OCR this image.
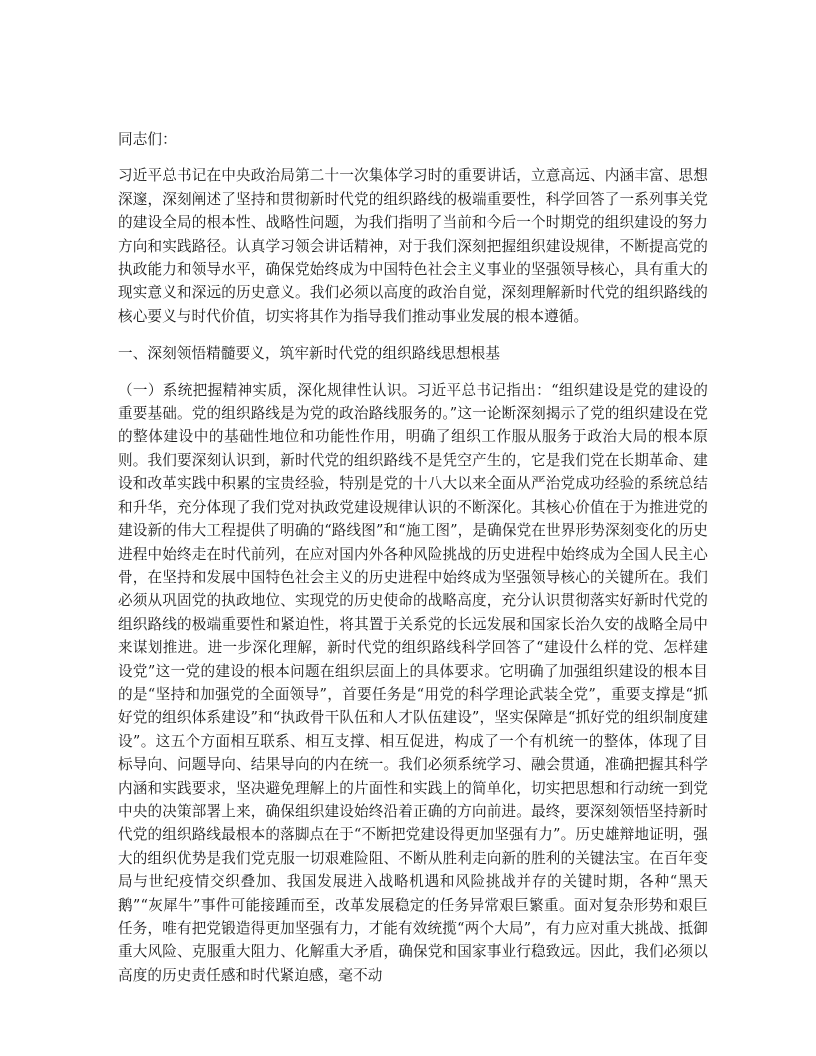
同志们：

习近平总书记在中央政治局第二十一次集体学习时的重要讲话，立意高远、内涵丰富、思想深邃，深刻阐述了坚持和贯彻新时代党的组织路线的极端重要性，科学回答了一系列事关党的建设全局的根本性、战略性问题，为我们指明了当前和今后一个时期党的组织建设的努力方向和实践路径。认真学习领会讲话精神，对于我们深刻把握组织建设规律，不断提高党的执政能力和领导水平，确保党始终成为中国特色社会主义事业的坚强领导核心，具有重大的现实意义和深远的历史意义。我们必须以高度的政治自觉，深刻理解新时代党的组织路线的核心要义与时代价值，切实将其作为指导我们推动事业发展的根本遵循。

一、深刻领悟精髓要义，筑牢新时代党的组织路线思想根基

（一）系统把握精神实质，深化规律性认识。习近平总书记指出：“组织建设是党的建设的重要基础。党的组织路线是为党的政治路线服务的。”这一论断深刻揭示了党的组织建设在党的整体建设中的基础性地位和功能性作用，明确了组织工作服从服务于政治大局的根本原则。我们要深刻认识到，新时代党的组织路线不是凭空产生的，它是我们党在长期革命、建设和改革实践中积累的宝贵经验，特别是党的十八大以来全面从严治党成功经验的系统总结和升华，充分体现了我们党对执政党建设规律认识的不断深化。其核心价值在于为推进党的建设新的伟大工程提供了明确的“路线图”和“施工图”，是确保党在世界形势深刻变化的历史进程中始终走在时代前列，在应对国内外各种风险挑战的历史进程中始终成为全国人民主心骨，在坚持和发展中国特色社会主义的历史进程中始终成为坚强领导核心的关键所在。我们必须从巩固党的执政地位、实现党的历史使命的战略高度，充分认识贯彻落实好新时代党的组织路线的极端重要性和紧迫性，将其置于关系党的长远发展和国家长治久安的战略全局中来谋划推进。进一步深化理解，新时代党的组织路线科学回答了“建设什么样的党、怎样建设党”这一党的建设的根本问题在组织层面上的具体要求。它明确了加强组织建设的根本目的是“坚持和加强党的全面领导”，首要任务是“用党的科学理论武装全党”，重要支撑是“抓好党的组织体系建设”和“执政骨干队伍和人才队伍建设”，坚实保障是“抓好党的组织制度建设”。这五个方面相互联系、相互支撑、相互促进，构成了一个有机统一的整体，体现了目标导向、问题导向、结果导向的内在统一。我们必须系统学习、融会贯通，准确把握其科学内涵和实践要求，坚决避免理解上的片面性和实践上的简单化，切实把思想和行动统一到党中央的决策部署上来，确保组织建设始终沿着正确的方向前进。最终，要深刻领悟坚持新时代党的组织路线最根本的落脚点在于“不断把党建设得更加坚强有力”。历史雄辩地证明，强大的组织优势是我们党克服一切艰难险阻、不断从胜利走向新的胜利的关键法宝。在百年变局与世纪疫情交织叠加、我国发展进入战略机遇和风险挑战并存的关键时期，各种“黑天鹅”“灰犀牛”事件可能接踵而至，改革发展稳定的任务异常艰巨繁重。面对复杂形势和艰巨任务，唯有把党锻造得更加坚强有力，才能有效统揽“两个大局”，有力应对重大挑战、抵御重大风险、克服重大阻力、化解重大矛盾，确保党和国家事业行稳致远。因此，我们必须以高度的历史责任感和时代紧迫感，毫不动
